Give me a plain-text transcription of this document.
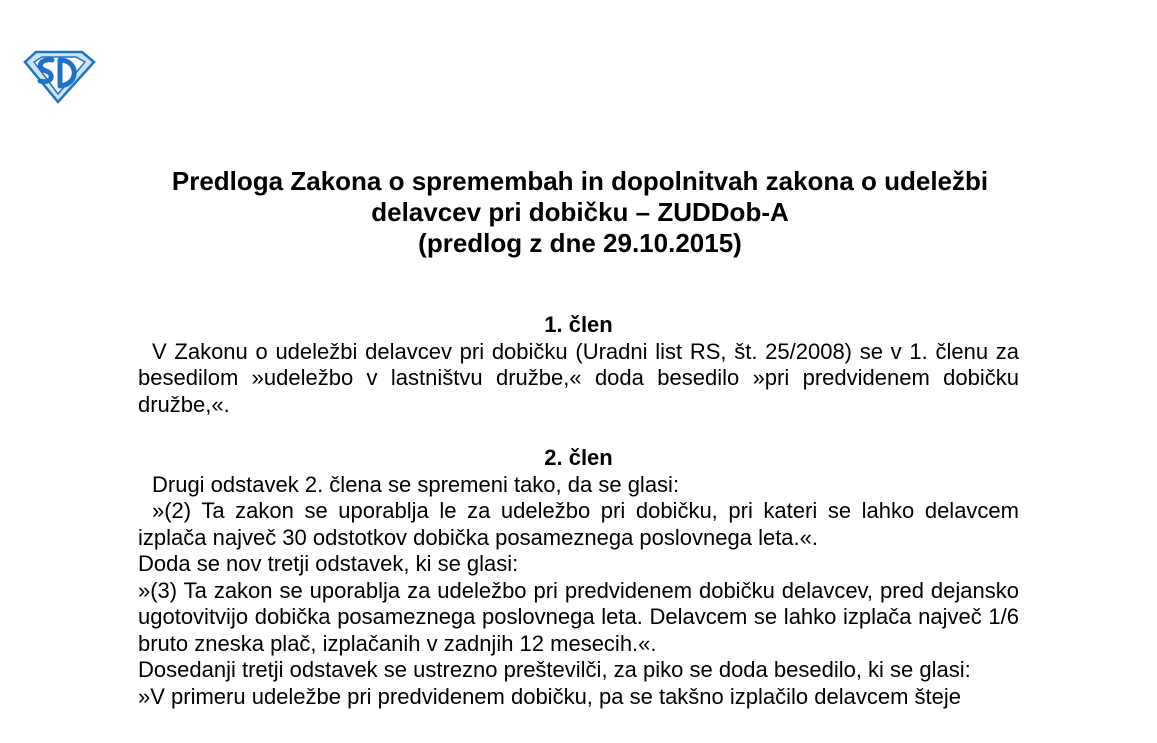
Predloga Zakona o spremembah in dopolnitvah zakona o udeležbi
delavcev pri dobičku – ZUDDob-A
(predlog z dne 29.10.2015)
1. člen
V Zakonu o udeležbi delavcev pri dobičku (Uradni list RS, št. 25/2008) se v 1. členu za besedilom »udeležbo v lastništvu družbe,« doda besedilo »pri predvidenem dobičku družbe,«.
2. člen
Drugi odstavek 2. člena se spremeni tako, da se glasi:
»(2) Ta zakon se uporablja le za udeležbo pri dobičku, pri kateri se lahko delavcem izplača največ 30 odstotkov dobička posameznega poslovnega leta.«.
Doda se nov tretji odstavek, ki se glasi:
»(3) Ta zakon se uporablja za udeležbo pri predvidenem dobičku delavcev, pred dejansko ugotovitvijo dobička posameznega poslovnega leta. Delavcem se lahko izplača največ 1/6 bruto zneska plač, izplačanih v zadnjih 12 mesecih.«.
Dosedanji tretji odstavek se ustrezno preštevilči, za piko se doda besedilo, ki se glasi:
»V primeru udeležbe pri predvidenem dobičku, pa se takšno izplačilo delavcem šteje
